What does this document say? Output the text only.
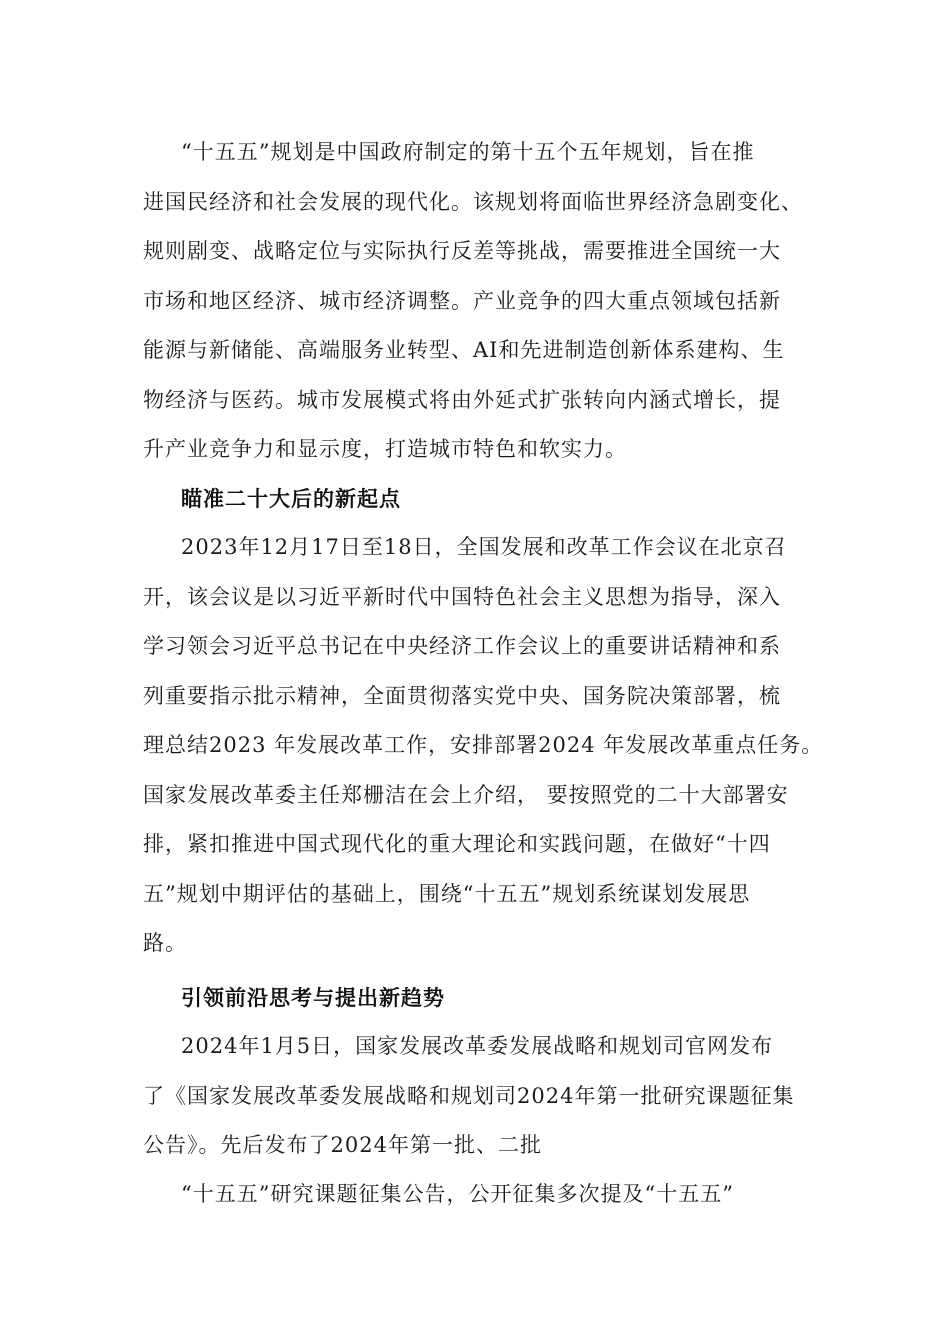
“十五五”规划是中国政府制定的第十五个五年规划，旨在推
进国民经济和社会发展的现代化。该规划将面临世界经济急剧变化、
规则剧变、战略定位与实际执行反差等挑战，需要推进全国统一大
市场和地区经济、城市经济调整。产业竞争的四大重点领域包括新
能源与新储能、高端服务业转型、AI和先进制造创新体系建构、生
物经济与医药。城市发展模式将由外延式扩张转向内涵式增长，提
升产业竞争力和显示度，打造城市特色和软实力。
瞄准二十大后的新起点
2023年12月17日至18日，全国发展和改革工作会议在北京召
开，该会议是以习近平新时代中国特色社会主义思想为指导，深入
学习领会习近平总书记在中央经济工作会议上的重要讲话精神和系
列重要指示批示精神，全面贯彻落实党中央、国务院决策部署，梳
理总结2023 年发展改革工作，安排部署2024 年发展改革重点任务。
国家发展改革委主任郑栅洁在会上介绍， 要按照党的二十大部署安
排，紧扣推进中国式现代化的重大理论和实践问题，在做好“十四
五”规划中期评估的基础上，围绕“十五五”规划系统谋划发展思
路。
引领前沿思考与提出新趋势
2024年1月5日，国家发展改革委发展战略和规划司官网发布
了《国家发展改革委发展战略和规划司2024年第一批研究课题征集
公告》。先后发布了2024年第一批、二批
“十五五”研究课题征集公告，公开征集多次提及“十五五”
